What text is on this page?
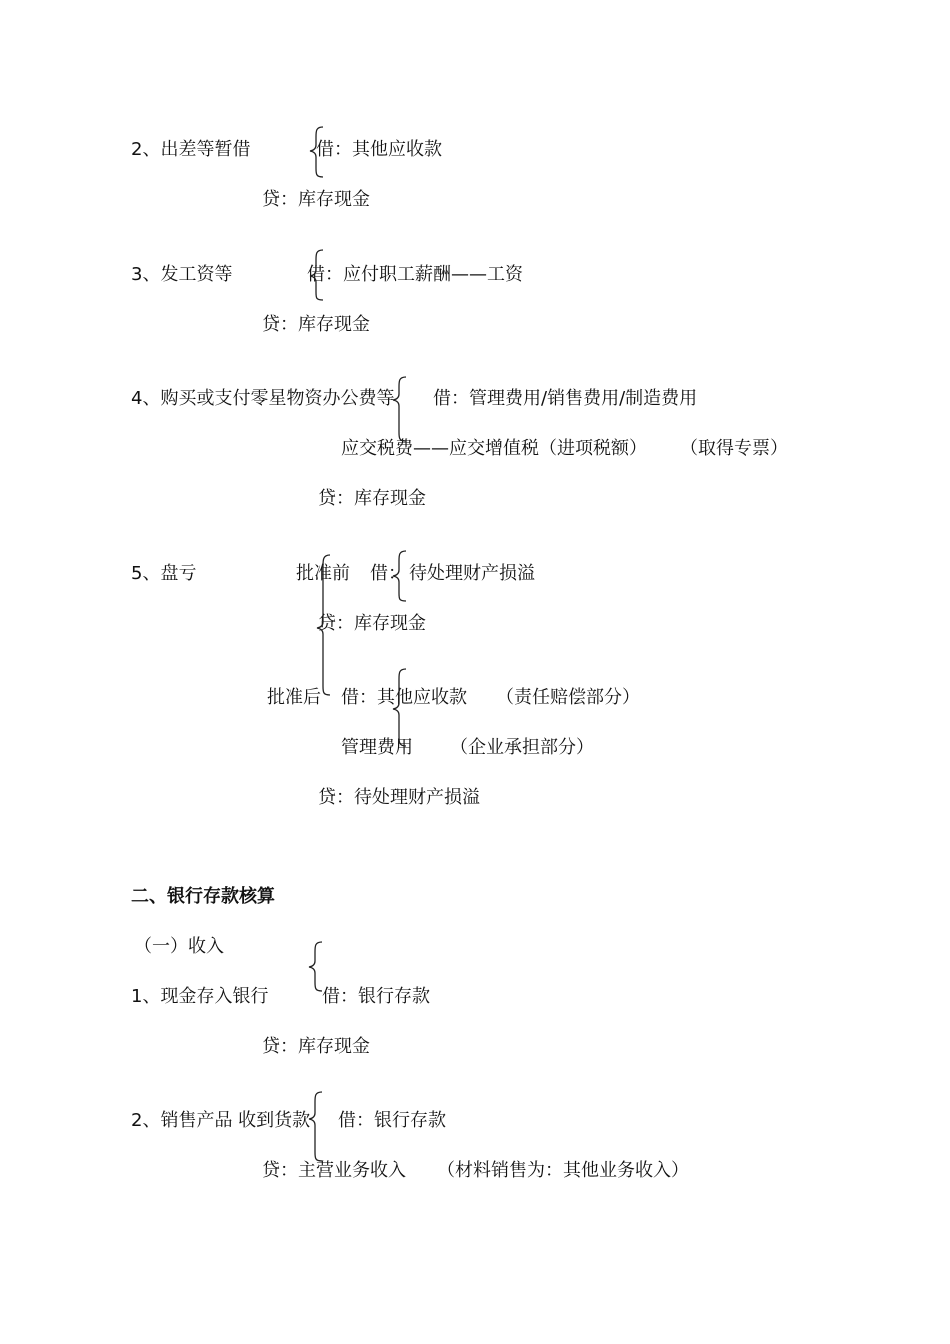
2、出差等暂借	借：其他应收款
贷：库存现金
3、发工资等	借：应付职工薪酬——工资
贷：库存现金
4、购买或支付零星物资办公费等 借：管理费用/销售费用/制造费用
应交税费——应交增值税（进项税额） （取得专票）
贷：库存现金
5、盘亏	批准前 借： 待处理财产损溢
贷：库存现金
批准后 借：其他应收款 （责任赔偿部分）
管理费用 （企业承担部分）
贷：待处理财产损溢
二、银行存款核算
（一）收入
1、现金存入银行	借：银行存款
贷：库存现金
2、销售产品 收到货款 借：银行存款
贷：主营业务收入 （材料销售为：其他业务收入）
